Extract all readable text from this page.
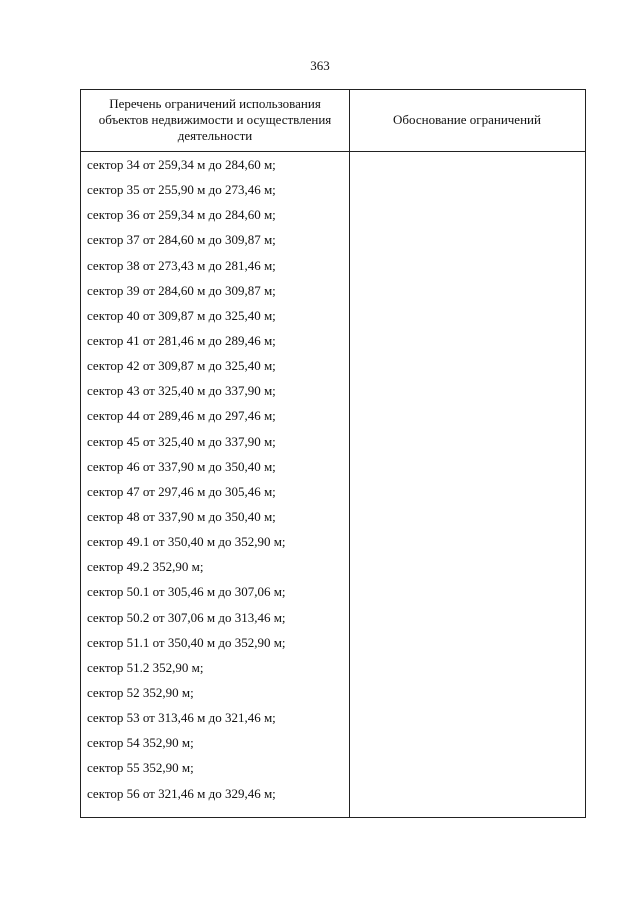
363
Перечень ограничений использования объектов недвижимости и осуществления деятельности
Обоснование ограничений
сектор 34 от 259,34 м до 284,60 м;
сектор 35 от 255,90 м до 273,46 м;
сектор 36 от 259,34 м до 284,60 м;
сектор 37 от 284,60 м до 309,87 м;
сектор 38 от 273,43 м до 281,46 м;
сектор 39 от 284,60 м до 309,87 м;
сектор 40 от 309,87 м до 325,40 м;
сектор 41 от 281,46 м до 289,46 м;
сектор 42 от 309,87 м до 325,40 м;
сектор 43 от 325,40 м до 337,90 м;
сектор 44 от 289,46 м до 297,46 м;
сектор 45 от 325,40 м до 337,90 м;
сектор 46 от 337,90 м до 350,40 м;
сектор 47 от 297,46 м до 305,46 м;
сектор 48 от 337,90 м до 350,40 м;
сектор 49.1 от 350,40 м до 352,90 м;
сектор 49.2 352,90 м;
сектор 50.1 от 305,46 м до 307,06 м;
сектор 50.2 от 307,06 м до 313,46 м;
сектор 51.1 от 350,40 м до 352,90 м;
сектор 51.2 352,90 м;
сектор 52 352,90 м;
сектор 53 от 313,46 м до 321,46 м;
сектор 54 352,90 м;
сектор 55 352,90 м;
сектор 56 от 321,46 м до 329,46 м;
